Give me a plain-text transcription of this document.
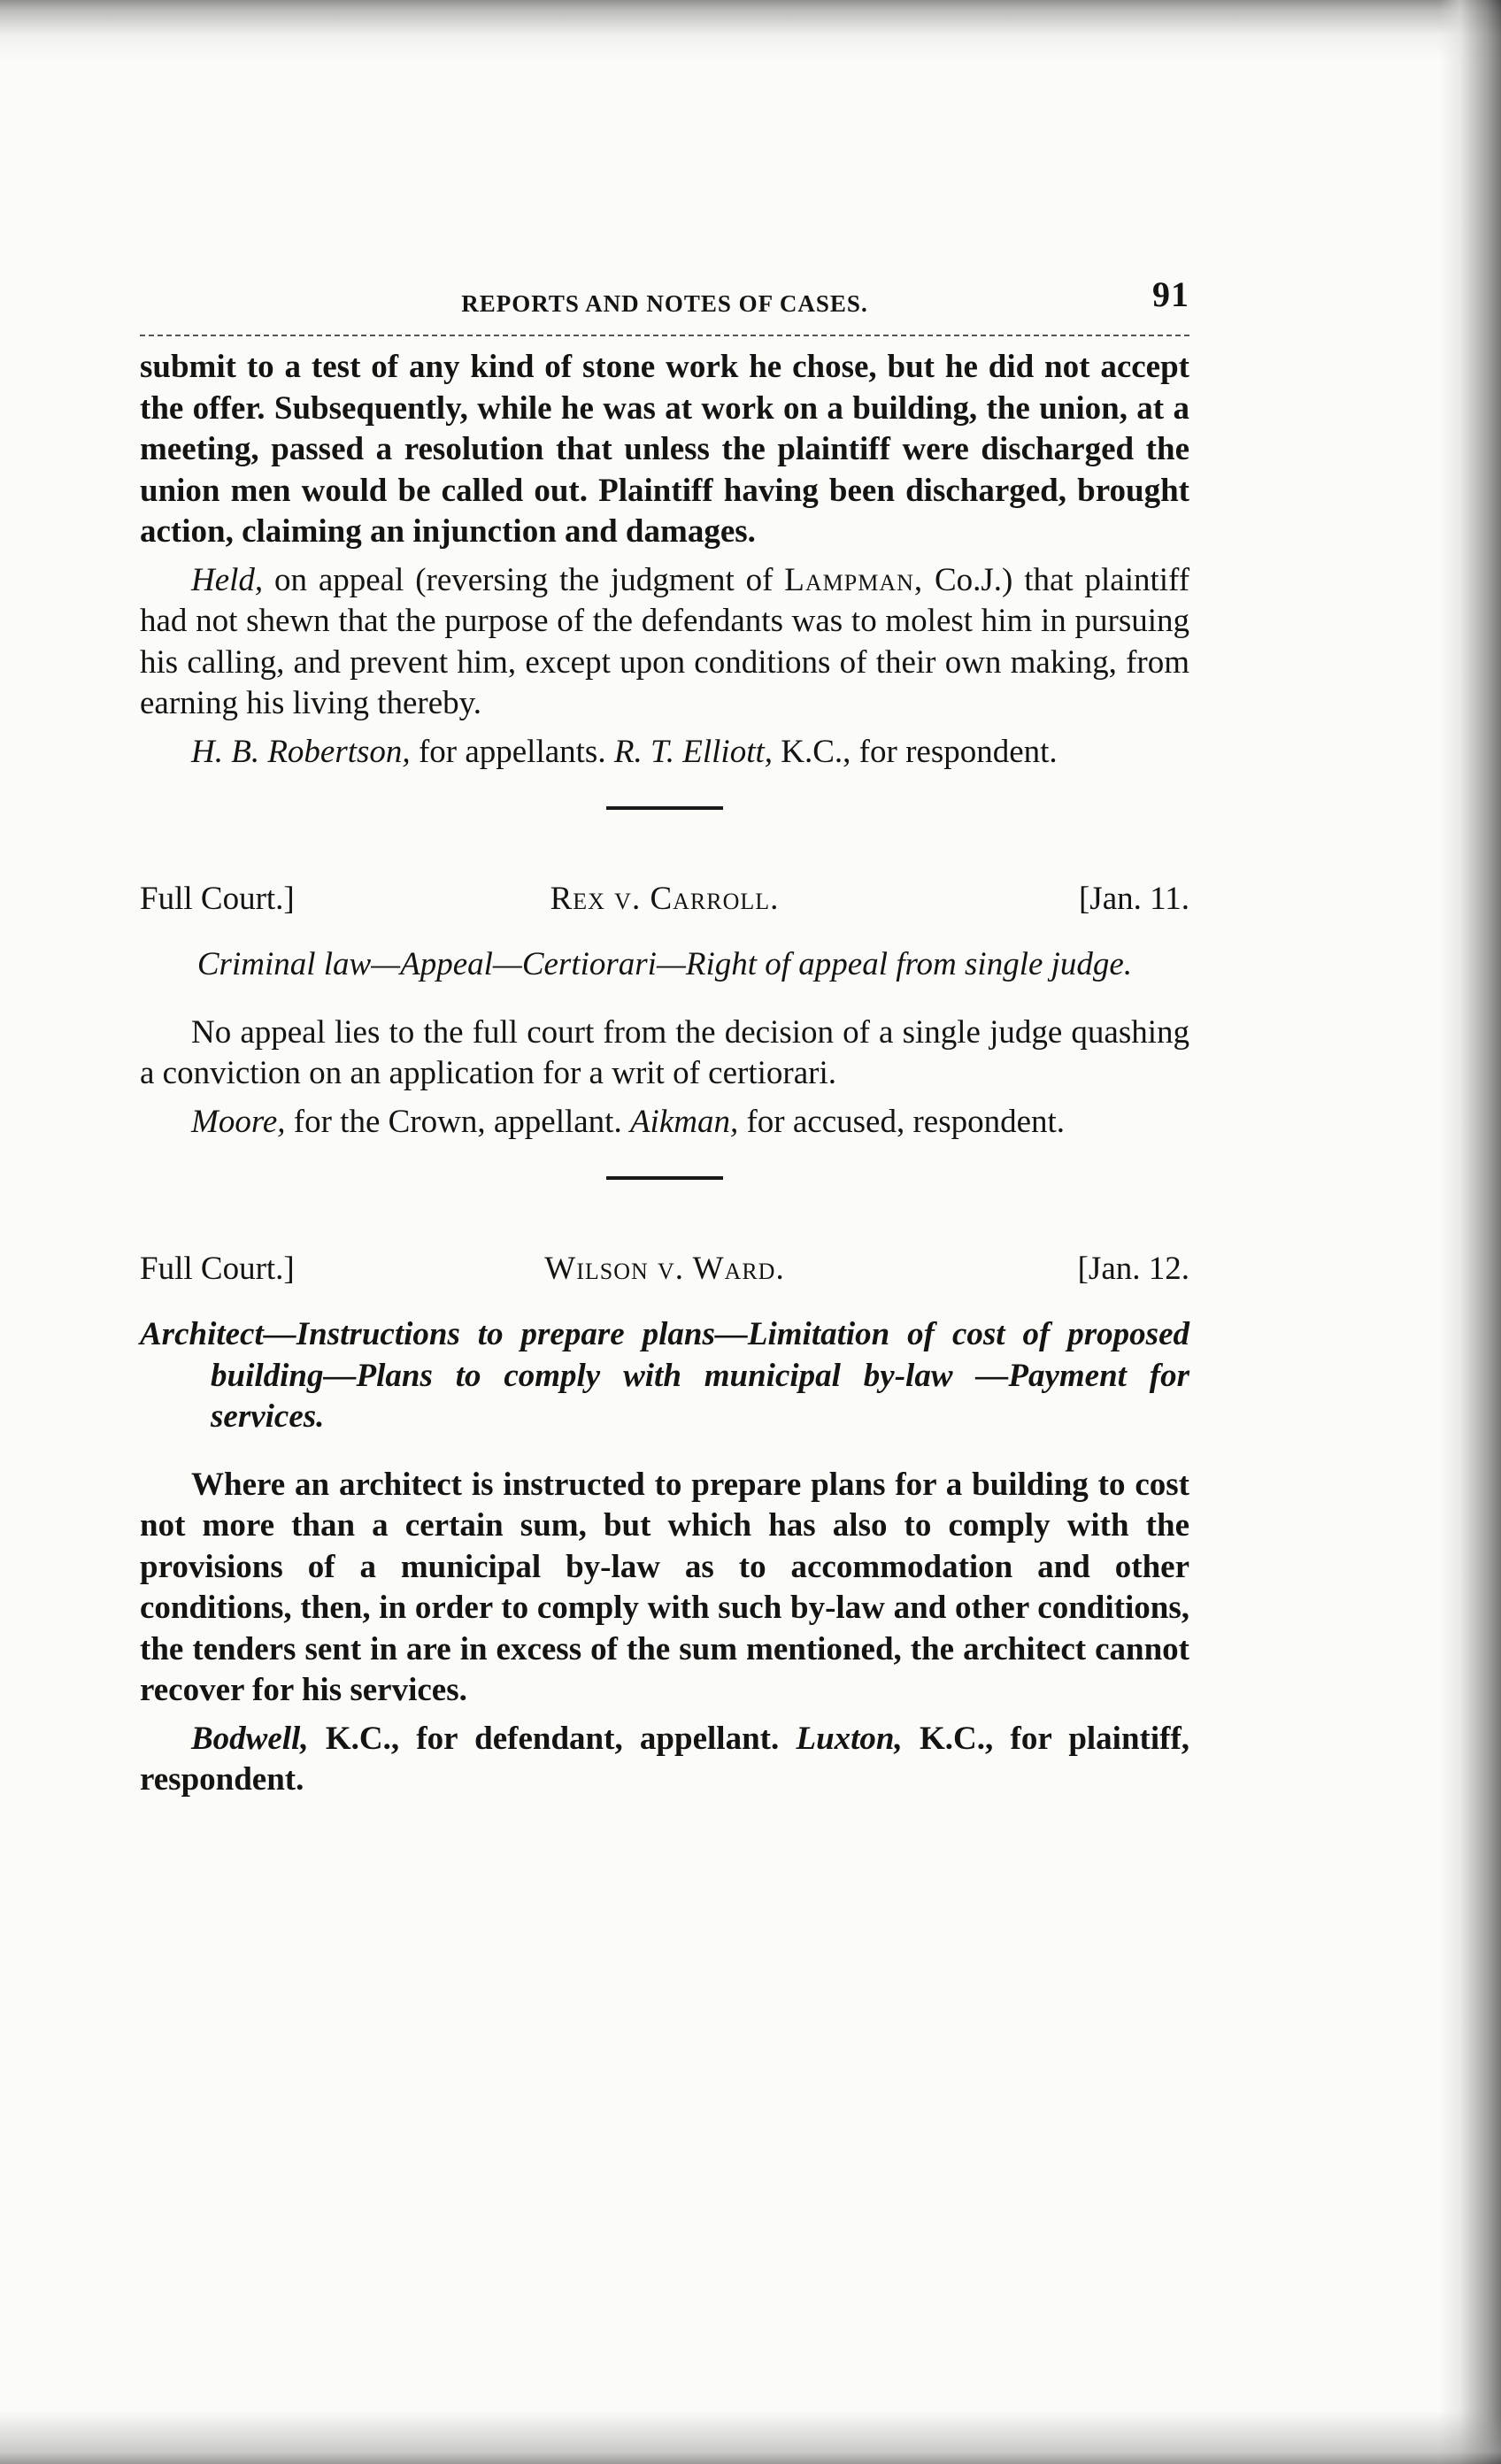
REPORTS AND NOTES OF CASES.	91

submit to a test of any kind of stone work he chose, but he did not accept the offer. Subsequently, while he was at work on a building, the union, at a meeting, passed a resolution that unless the plaintiff were discharged the union men would be called out. Plaintiff having been discharged, brought action, claiming an injunction and damages.

Held, on appeal (reversing the judgment of Lampman, Co.J.) that plaintiff had not shewn that the purpose of the defendants was to molest him in pursuing his calling, and prevent him, except upon conditions of their own making, from earning his living thereby.

H. B. Robertson, for appellants. R. T. Elliott, K.C., for respondent.

Full Court.]	Rex v. Carroll.	[Jan. 11.

Criminal law—Appeal—Certiorari—Right of appeal from single judge.

No appeal lies to the full court from the decision of a single judge quashing a conviction on an application for a writ of certiorari.

Moore, for the Crown, appellant. Aikman, for accused, respondent.

Full Court.]	Wilson v. Ward.	[Jan. 12.

Architect—Instructions to prepare plans—Limitation of cost of proposed building—Plans to comply with municipal by-law —Payment for services.

Where an architect is instructed to prepare plans for a building to cost not more than a certain sum, but which has also to comply with the provisions of a municipal by-law as to accommodation and other conditions, then, in order to comply with such by-law and other conditions, the tenders sent in are in excess of the sum mentioned, the architect cannot recover for his services.

Bodwell, K.C., for defendant, appellant. Luxton, K.C., for plaintiff, respondent.
